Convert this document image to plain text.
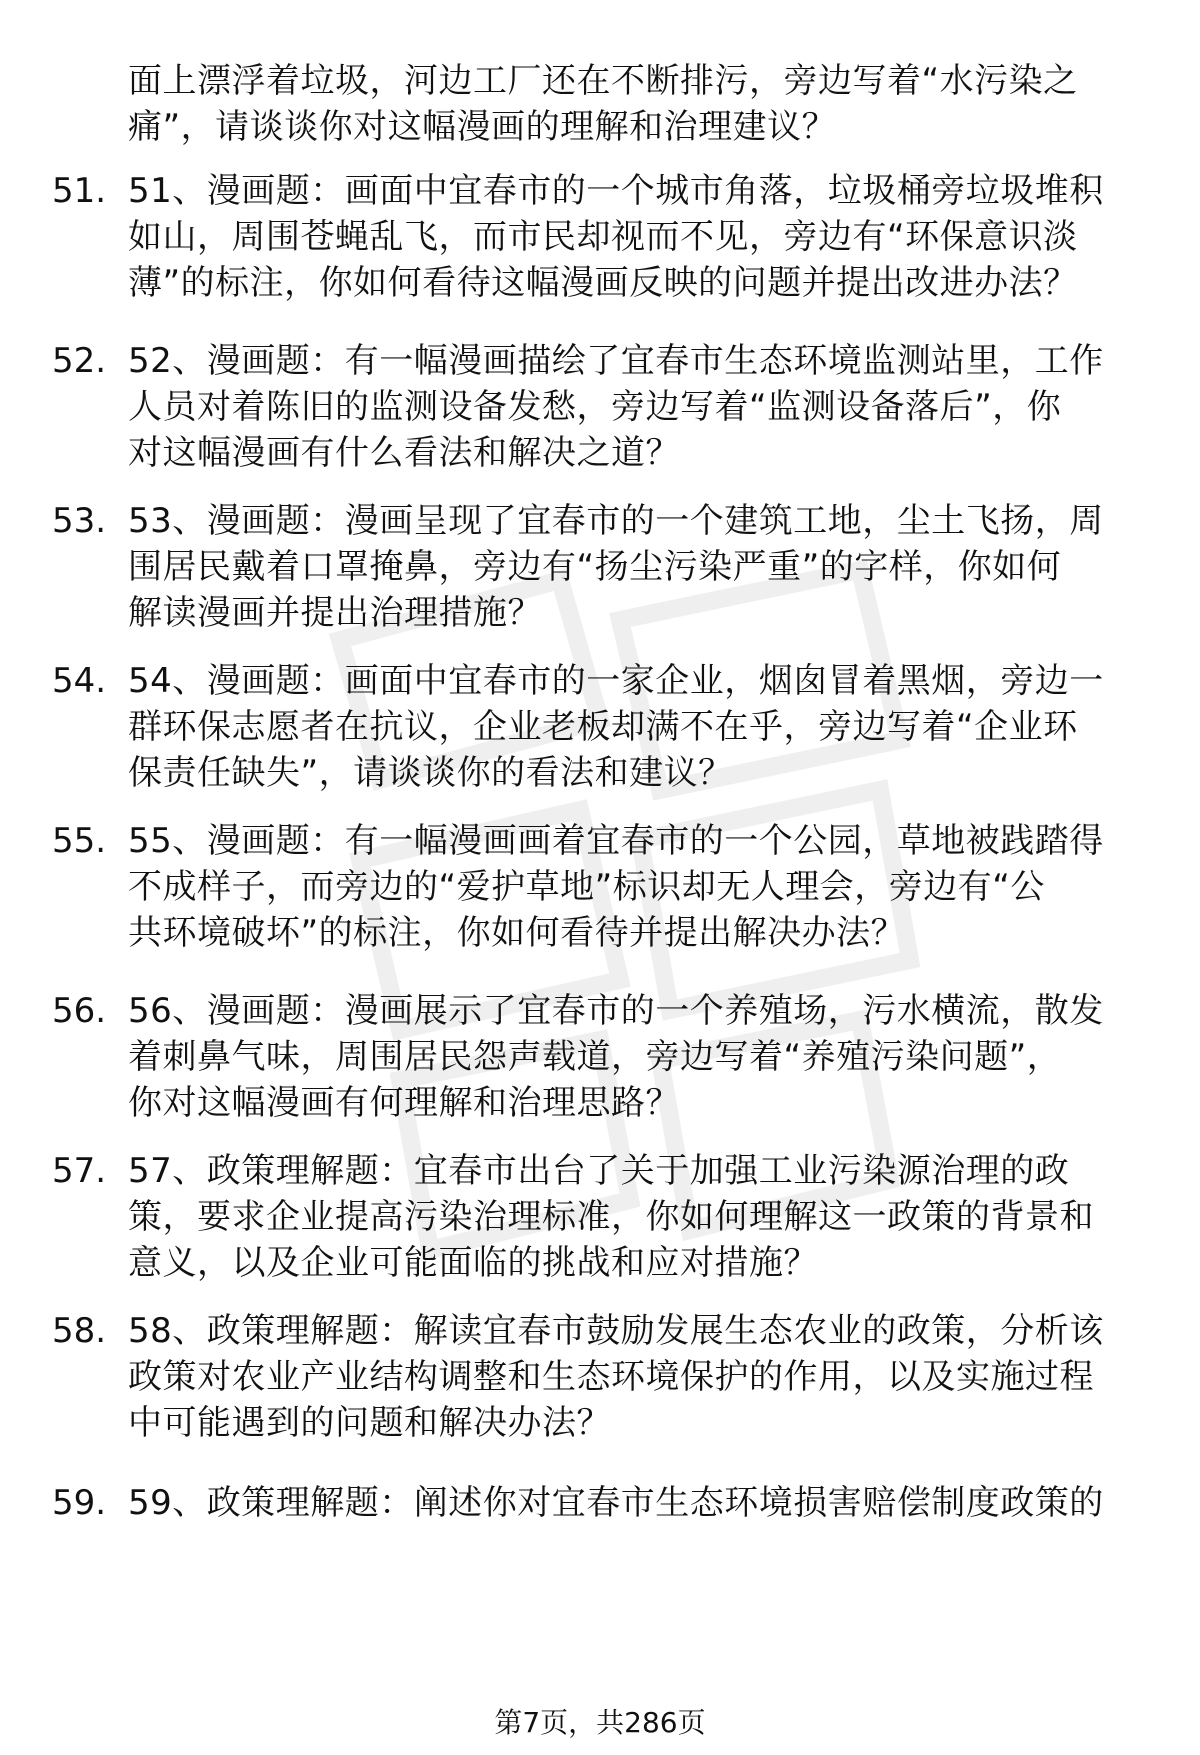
面上漂浮着垃圾，河边工厂还在不断排污，旁边写着“水污染之
痛”，请谈谈你对这幅漫画的理解和治理建议？
51. 51、漫画题：画面中宜春市的一个城市角落，垃圾桶旁垃圾堆积
如山，周围苍蝇乱飞，而市民却视而不见，旁边有“环保意识淡
薄”的标注，你如何看待这幅漫画反映的问题并提出改进办法？
52. 52、漫画题：有一幅漫画描绘了宜春市生态环境监测站里，工作
人员对着陈旧的监测设备发愁，旁边写着“监测设备落后”，你
对这幅漫画有什么看法和解决之道？
53. 53、漫画题：漫画呈现了宜春市的一个建筑工地，尘土飞扬，周
围居民戴着口罩掩鼻，旁边有“扬尘污染严重”的字样，你如何
解读漫画并提出治理措施？
54. 54、漫画题：画面中宜春市的一家企业，烟囱冒着黑烟，旁边一
群环保志愿者在抗议，企业老板却满不在乎，旁边写着“企业环
保责任缺失”，请谈谈你的看法和建议？
55. 55、漫画题：有一幅漫画画着宜春市的一个公园，草地被践踏得
不成样子，而旁边的“爱护草地”标识却无人理会，旁边有“公
共环境破坏”的标注，你如何看待并提出解决办法？
56. 56、漫画题：漫画展示了宜春市的一个养殖场，污水横流，散发
着刺鼻气味，周围居民怨声载道，旁边写着“养殖污染问题”，
你对这幅漫画有何理解和治理思路？
57. 57、政策理解题：宜春市出台了关于加强工业污染源治理的政
策，要求企业提高污染治理标准，你如何理解这一政策的背景和
意义，以及企业可能面临的挑战和应对措施？
58. 58、政策理解题：解读宜春市鼓励发展生态农业的政策，分析该
政策对农业产业结构调整和生态环境保护的作用，以及实施过程
中可能遇到的问题和解决办法？
59. 59、政策理解题：阐述你对宜春市生态环境损害赔偿制度政策的
第7页，共286页
